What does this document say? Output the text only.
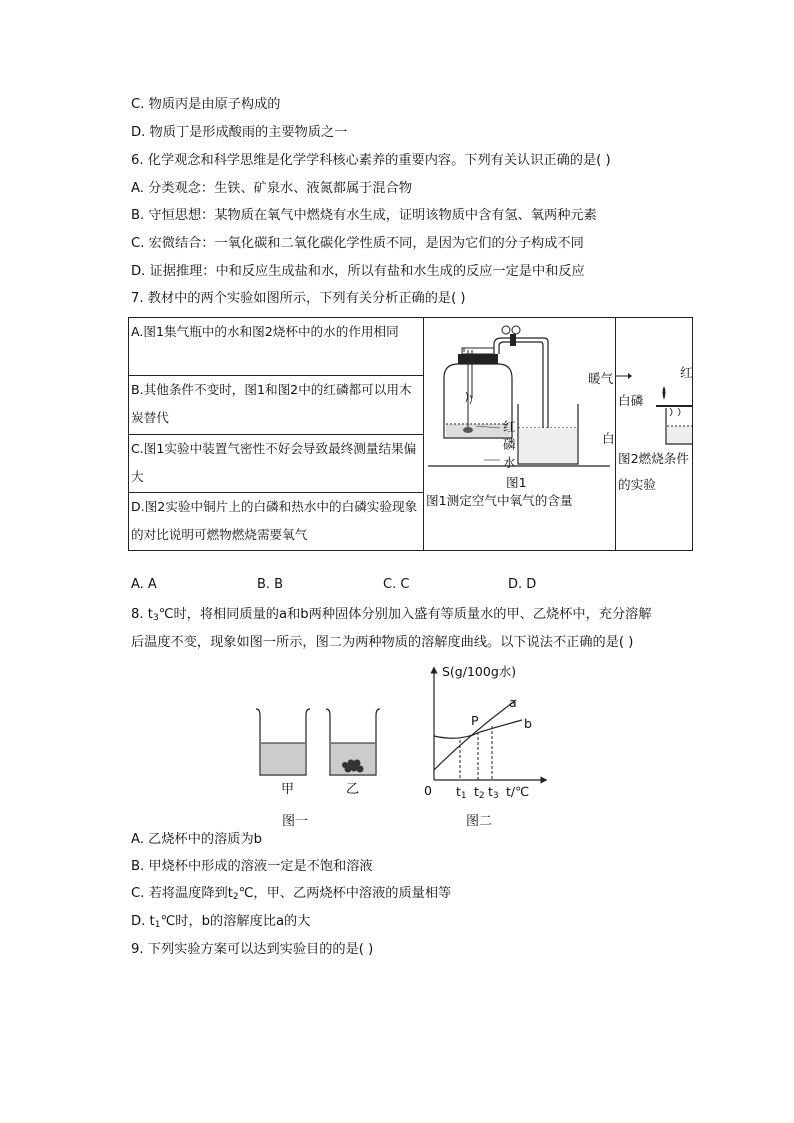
C. 物质丙是由原子构成的
D. 物质丁是形成酸雨的主要物质之一
6. 化学观念和科学思维是化学学科核心素养的重要内容。下列有关认识正确的是( )
A. 分类观念：生铁、矿泉水、液氮都属于混合物
B. 守恒思想：某物质在氧气中燃烧有水生成，证明该物质中含有氢、氧两种元素
C. 宏微结合：一氧化碳和二氧化碳化学性质不同，是因为它们的分子构成不同
D. 证据推理：中和反应生成盐和水，所以有盐和水生成的反应一定是中和反应
7. 教材中的两个实验如图所示，下列有关分析正确的是( )
A.图1集气瓶中的水和图2烧杯中的水的作用相同	
红
磷
水
图1
图1测定空气中氧气的含量

暖气
白磷
白
红
图2燃烧条件的实验

B.其他条件不变时，图1和图2中的红磷都可以用木炭替代
C.图1实验中装置气密性不好会导致最终测量结果偏大
D.图2实验中铜片上的白磷和热水中的白磷实验现象的对比说明可燃物燃烧需要氧气
A. A	B. B	C. C	D. D
8. $t_3℃$时，将相同质量的a和b两种固体分别加入盛有等质量水的甲、乙烧杯中，充分溶解
后温度不变，现象如图一所示，图二为两种物质的溶解度曲线。以下说法不正确的是( )
甲	乙
图一
S(g/100g水)
0
P
a
b
$t_1$ $t_2$ $t_3$ t/℃
图二
A. 乙烧杯中的溶质为b
B. 甲烧杯中形成的溶液一定是不饱和溶液
C. 若将温度降到$t_2℃$，甲、乙两烧杯中溶液的质量相等
D. $t_1℃$时，b的溶解度比a的大
9. 下列实验方案可以达到实验目的的是( )
